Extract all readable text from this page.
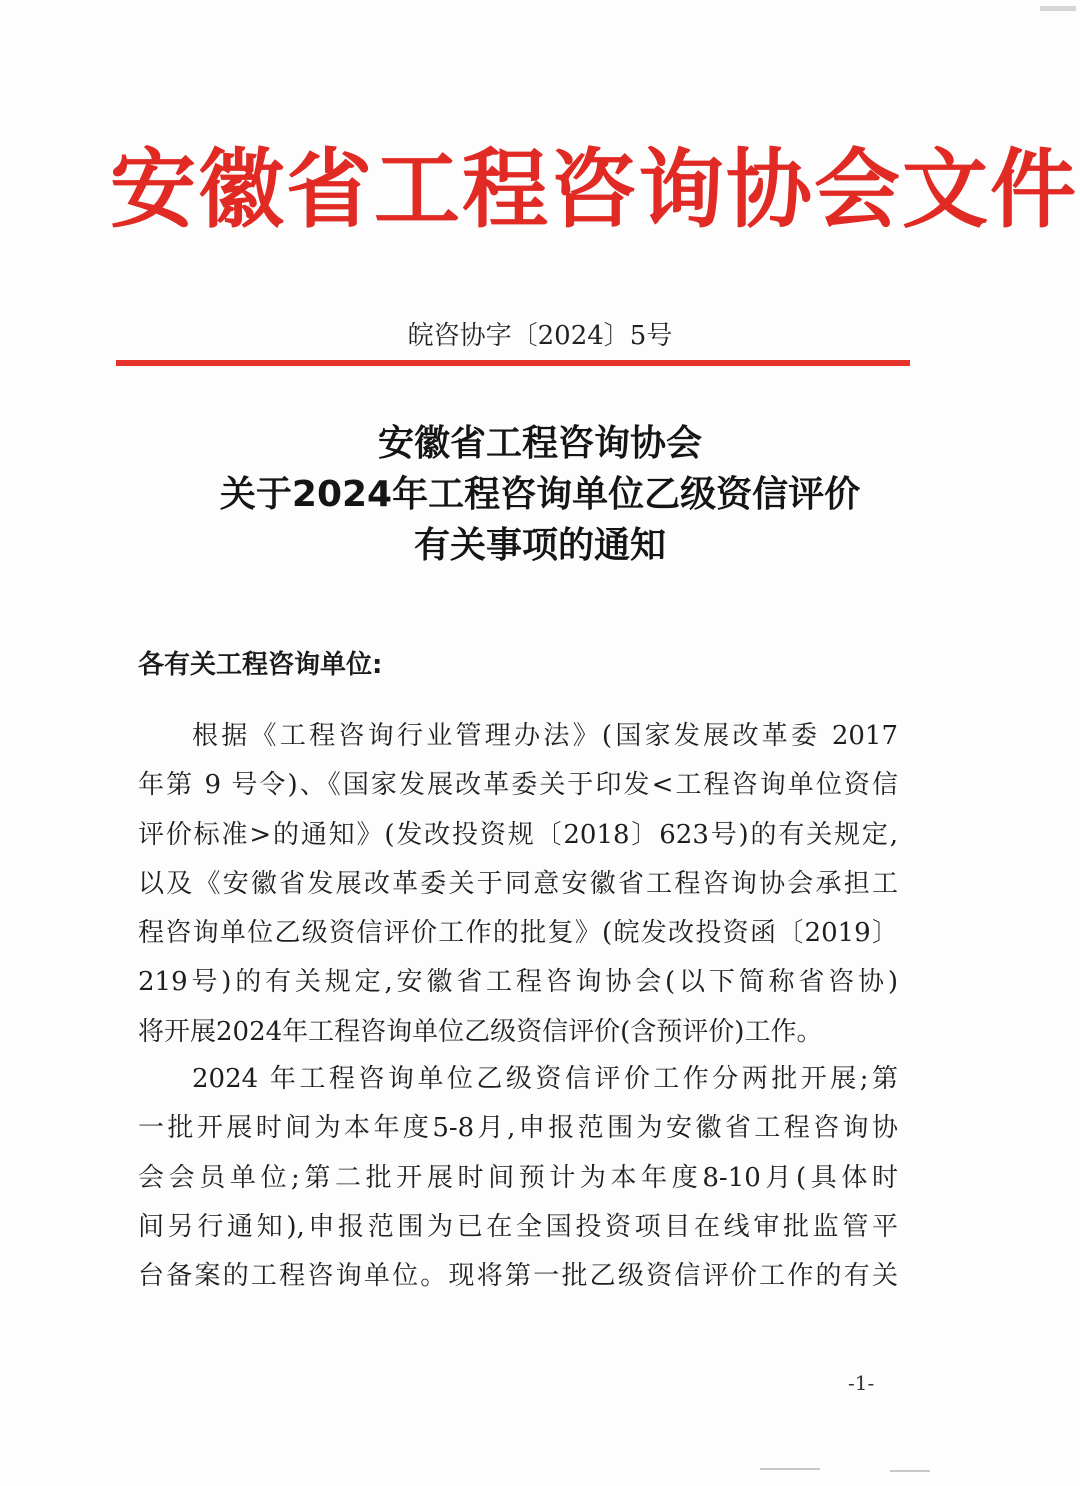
安徽省工程咨询协会文件
皖咨协字〔2024〕5号
安徽省工程咨询协会
关于2024年工程咨询单位乙级资信评价
有关事项的通知
各有关工程咨询单位:
根据《工程咨询行业管理办法》(国家发展改革委 2017
年第 9 号令)、《国家发展改革委关于印发<工程咨询单位资信
评价标准>的通知》(发改投资规〔2018〕623号)的有关规定,
以及《安徽省发展改革委关于同意安徽省工程咨询协会承担工
程咨询单位乙级资信评价工作的批复》(皖发改投资函〔2019〕
219号)的有关规定,安徽省工程咨询协会(以下简称省咨协)
将开展2024年工程咨询单位乙级资信评价(含预评价)工作。
2024 年工程咨询单位乙级资信评价工作分两批开展;第
一批开展时间为本年度5-8月,申报范围为安徽省工程咨询协
会会员单位;第二批开展时间预计为本年度8-10月(具体时
间另行通知),申报范围为已在全国投资项目在线审批监管平
台备案的工程咨询单位。现将第一批乙级资信评价工作的有关
-1-
